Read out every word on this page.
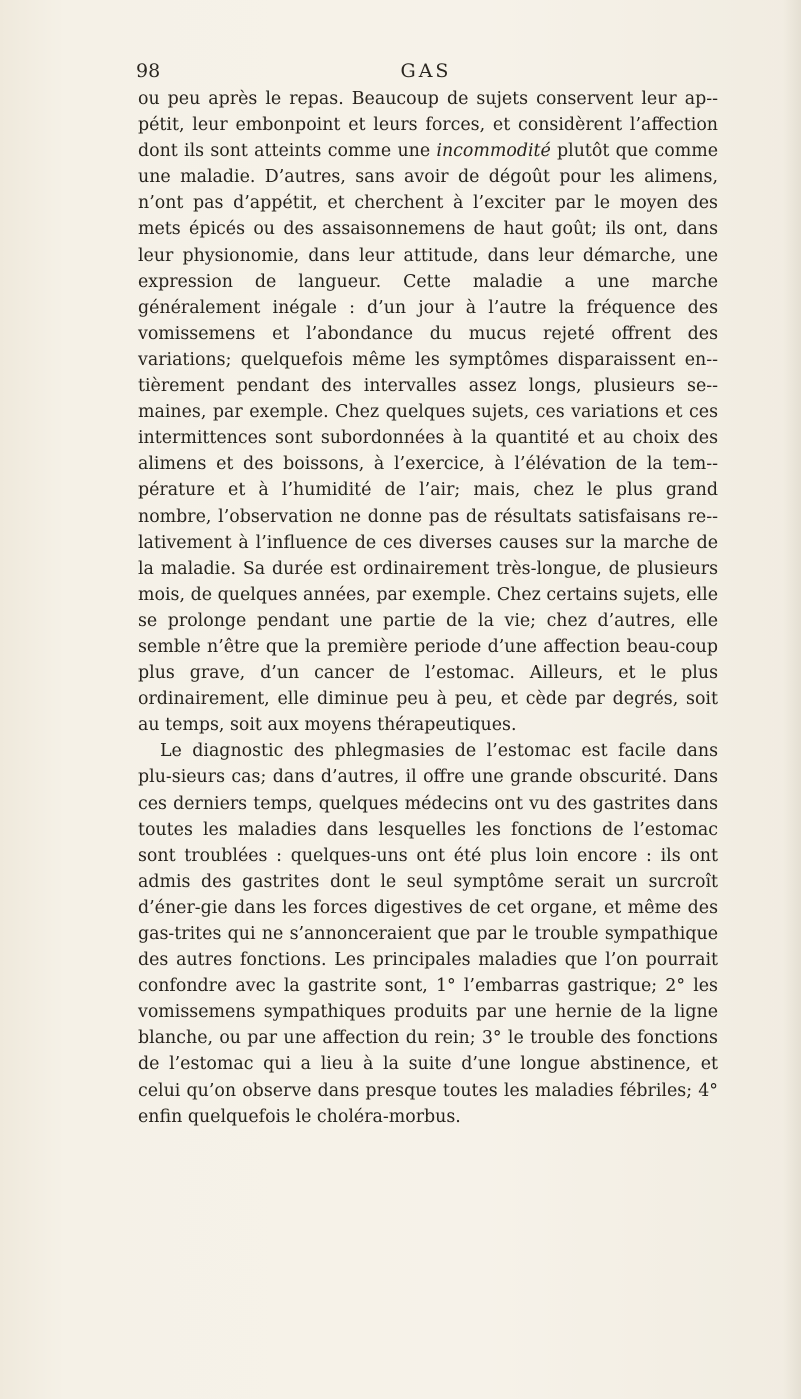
98	GAS

ou peu après le repas. Beaucoup de sujets conservent leur ap-pétit, leur embonpoint et leurs forces, et considèrent l’affection dont ils sont atteints comme une incommodité plutôt que comme une maladie. D’autres, sans avoir de dégoût pour les alimens, n’ont pas d’appétit, et cherchent à l’exciter par le moyen des mets épicés ou des assaisonnemens de haut goût; ils ont, dans leur physionomie, dans leur attitude, dans leur démarche, une expression de langueur. Cette maladie a une marche généralement inégale : d’un jour à l’autre la fréquence des vomissemens et l’abondance du mucus rejeté offrent des variations; quelquefois même les symptômes disparaissent en-tièrement pendant des intervalles assez longs, plusieurs se-maines, par exemple. Chez quelques sujets, ces variations et ces intermittences sont subordonnées à la quantité et au choix des alimens et des boissons, à l’exercice, à l’élévation de la tem-pérature et à l’humidité de l’air; mais, chez le plus grand nombre, l’observation ne donne pas de résultats satisfaisans re-lativement à l’influence de ces diverses causes sur la marche de la maladie. Sa durée est ordinairement très-longue, de plusieurs mois, de quelques années, par exemple. Chez certains sujets, elle se prolonge pendant une partie de la vie; chez d’autres, elle semble n’être que la première periode d’une affection beau-coup plus grave, d’un cancer de l’estomac. Ailleurs, et le plus ordinairement, elle diminue peu à peu, et cède par degrés, soit au temps, soit aux moyens thérapeutiques.

Le diagnostic des phlegmasies de l’estomac est facile dans plu-sieurs cas; dans d’autres, il offre une grande obscurité. Dans ces derniers temps, quelques médecins ont vu des gastrites dans toutes les maladies dans lesquelles les fonctions de l’estomac sont troublées : quelques-uns ont été plus loin encore : ils ont admis des gastrites dont le seul symptôme serait un surcroît d’éner-gie dans les forces digestives de cet organe, et même des gas-trites qui ne s’annonceraient que par le trouble sympathique des autres fonctions. Les principales maladies que l’on pourrait confondre avec la gastrite sont, 1° l’embarras gastrique; 2° les vomissemens sympathiques produits par une hernie de la ligne blanche, ou par une affection du rein; 3° le trouble des fonctions de l’estomac qui a lieu à la suite d’une longue abstinence, et celui qu’on observe dans presque toutes les maladies fébriles; 4° enfin quelquefois le choléra-morbus.
